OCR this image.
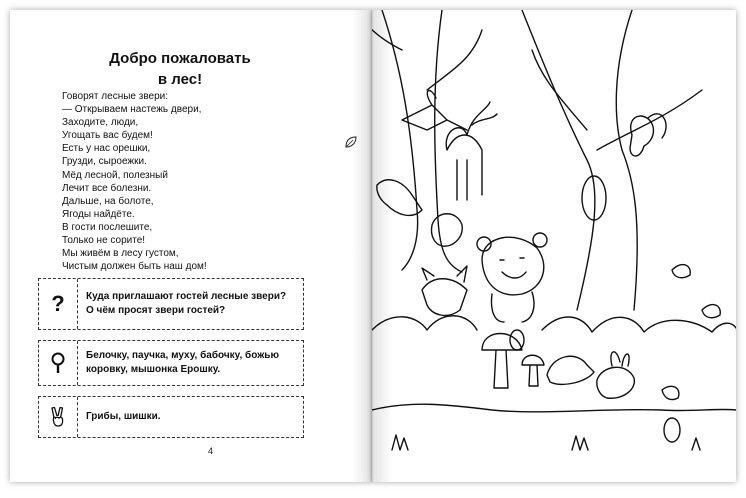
Добро пожаловать
в лес!
Говорят лесные звери:
— Открываем настежь двери,
Заходите, люди,
Угощать вас будем!
Есть у нас орешки,
Грузди, сыроежки.
Мёд лесной, полезный
Лечит все болезни.
Дальше, на болоте,
Ягоды найдёте.
В гости послешите,
Только не сорите!
Мы живём в лесу густом,
Чистым должен быть наш дом!
? Куда приглашают гостей лесные звери?
О чём просят звери гостей?
Белочку, паучка, муху, бабочку, божью
коровку, мышонка Ерошку.
Грибы, шишки.
4
